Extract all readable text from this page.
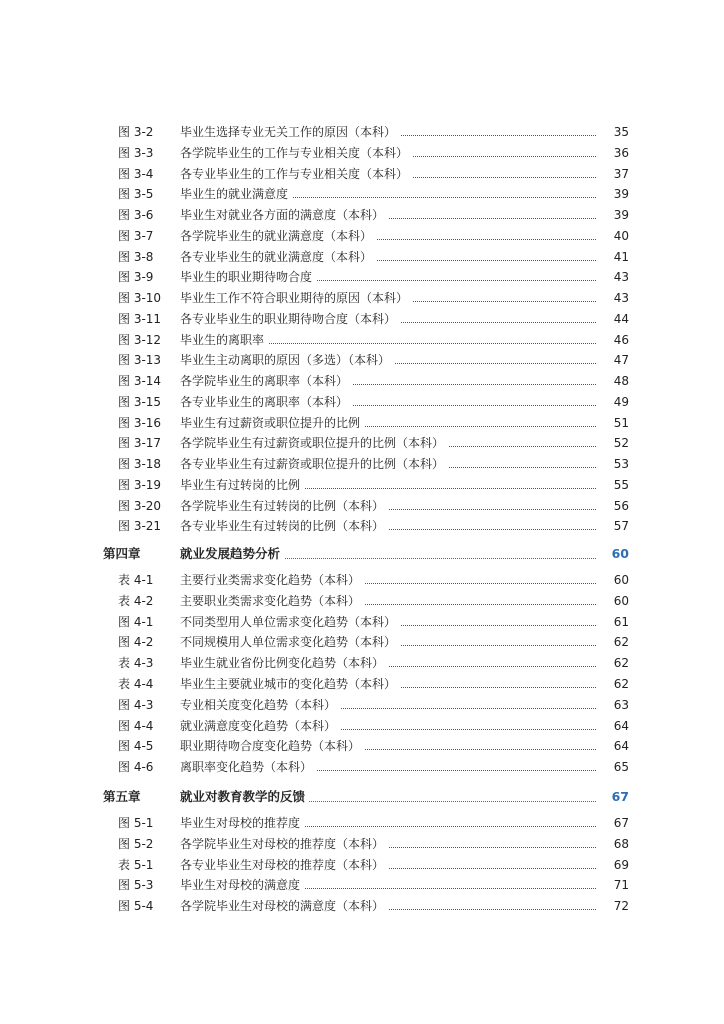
图 3-2 毕业生选择专业无关工作的原因（本科）	35
图 3-3 各学院毕业生的工作与专业相关度（本科）	36
图 3-4 各专业毕业生的工作与专业相关度（本科）	37
图 3-5 毕业生的就业满意度	39
图 3-6 毕业生对就业各方面的满意度（本科）	39
图 3-7 各学院毕业生的就业满意度（本科）	40
图 3-8 各专业毕业生的就业满意度（本科）	41
图 3-9 毕业生的职业期待吻合度	43
图 3-10 毕业生工作不符合职业期待的原因（本科）	43
图 3-11 各专业毕业生的职业期待吻合度（本科）	44
图 3-12 毕业生的离职率	46
图 3-13 毕业生主动离职的原因（多选）（本科）	47
图 3-14 各学院毕业生的离职率（本科）	48
图 3-15 各专业毕业生的离职率（本科）	49
图 3-16 毕业生有过薪资或职位提升的比例	51
图 3-17 各学院毕业生有过薪资或职位提升的比例（本科）	52
图 3-18 各专业毕业生有过薪资或职位提升的比例（本科）	53
图 3-19 毕业生有过转岗的比例	55
图 3-20 各学院毕业生有过转岗的比例（本科）	56
图 3-21 各专业毕业生有过转岗的比例（本科）	57
第四章	就业发展趋势分析	60
表 4-1 主要行业类需求变化趋势（本科）	60
表 4-2 主要职业类需求变化趋势（本科）	60
图 4-1 不同类型用人单位需求变化趋势（本科）	61
图 4-2 不同规模用人单位需求变化趋势（本科）	62
表 4-3 毕业生就业省份比例变化趋势（本科）	62
表 4-4 毕业生主要就业城市的变化趋势（本科）	62
图 4-3 专业相关度变化趋势（本科）	63
图 4-4 就业满意度变化趋势（本科）	64
图 4-5 职业期待吻合度变化趋势（本科）	64
图 4-6 离职率变化趋势（本科）	65
第五章	就业对教育教学的反馈	67
图 5-1 毕业生对母校的推荐度	67
图 5-2 各学院毕业生对母校的推荐度（本科）	68
表 5-1 各专业毕业生对母校的推荐度（本科）	69
图 5-3 毕业生对母校的满意度	71
图 5-4 各学院毕业生对母校的满意度（本科）	72
